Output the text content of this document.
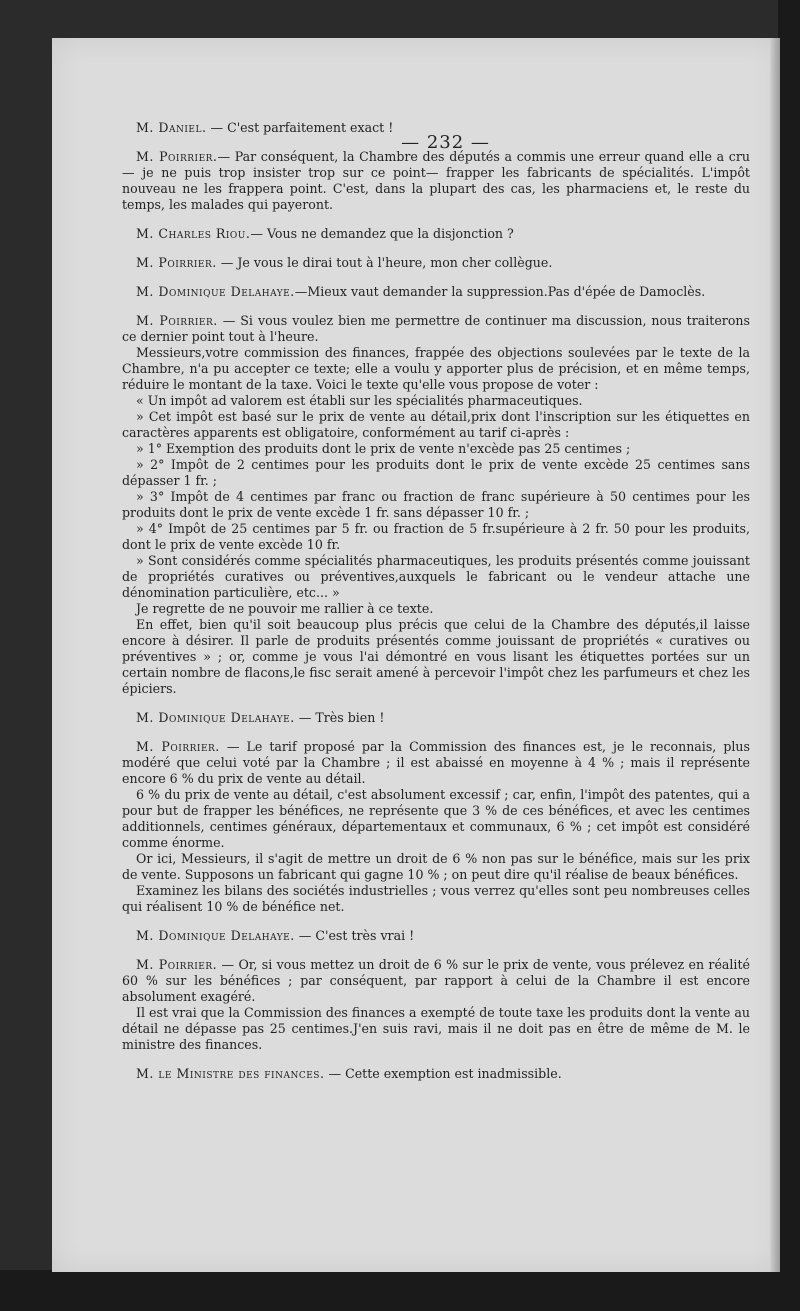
— 232 —

M. Daniel. — C'est parfaitement exact !

M. Poirrier.— Par conséquent, la Chambre des députés a commis une erreur quand elle a cru— je ne puis trop insister trop sur ce point— frapper les fabricants de spécialités. L'impôt nouveau ne les frappera point. C'est, dans la plupart des cas, les pharmaciens et, le reste du temps, les malades qui payeront.

M. Charles Riou.— Vous ne demandez que la disjonction ?

M. Poirrier. — Je vous le dirai tout à l'heure, mon cher collègue.

M. Dominique Delahaye.—Mieux vaut demander la suppression.Pas d'épée de Damoclès.

M. Poirrier. — Si vous voulez bien me permettre de continuer ma discussion, nous traiterons ce dernier point tout à l'heure.

Messieurs,votre commission des finances, frappée des objections soulevées par le texte de la Chambre, n'a pu accepter ce texte; elle a voulu y apporter plus de précision, et en même temps, réduire le montant de la taxe. Voici le texte qu'elle vous propose de voter :

« Un impôt ad valorem est établi sur les spécialités pharmaceutiques.

» Cet impôt est basé sur le prix de vente au détail,prix dont l'inscription sur les étiquettes en caractères apparents est obligatoire, conformément au tarif ci-après :

» 1° Exemption des produits dont le prix de vente n'excède pas 25 centimes ;

» 2° Impôt de 2 centimes pour les produits dont le prix de vente excède 25 centimes sans dépasser 1 fr. ;

» 3° Impôt de 4 centimes par franc ou fraction de franc supérieure à 50 centimes pour les produits dont le prix de vente excède 1 fr. sans dépasser 10 fr. ;

» 4° Impôt de 25 centimes par 5 fr. ou fraction de 5 fr.supérieure à 2 fr. 50 pour les produits, dont le prix de vente excède 10 fr.

» Sont considérés comme spécialités pharmaceutiques, les produits présentés comme jouissant de propriétés curatives ou préventives,auxquels le fabricant ou le vendeur attache une dénomination particulière, etc... »

Je regrette de ne pouvoir me rallier à ce texte.

En effet, bien qu'il soit beaucoup plus précis que celui de la Chambre des députés,il laisse encore à désirer. Il parle de produits présentés comme jouissant de propriétés « curatives ou préventives » ; or, comme je vous l'ai démontré en vous lisant les étiquettes portées sur un certain nombre de flacons,le fisc serait amené à percevoir l'impôt chez les parfumeurs et chez les épiciers.

M. Dominique Delahaye. — Très bien !

M. Poirrier. — Le tarif proposé par la Commission des finances est, je le reconnais, plus modéré que celui voté par la Chambre ; il est abaissé en moyenne à 4 % ; mais il représente encore 6 % du prix de vente au détail.

6 % du prix de vente au détail, c'est absolument excessif ; car, enfin, l'impôt des patentes, qui a pour but de frapper les bénéfices, ne représente que 3 % de ces bénéfices, et avec les centimes additionnels, centimes généraux, départementaux et communaux, 6 % ; cet impôt est considéré comme énorme.

Or ici, Messieurs, il s'agit de mettre un droit de 6 % non pas sur le bénéfice, mais sur les prix de vente. Supposons un fabricant qui gagne 10 % ; on peut dire qu'il réalise de beaux bénéfices.

Examinez les bilans des sociétés industrielles ; vous verrez qu'elles sont peu nombreuses celles qui réalisent 10 % de bénéfice net.

M. Dominique Delahaye. — C'est très vrai !

M. Poirrier. — Or, si vous mettez un droit de 6 % sur le prix de vente, vous prélevez en réalité 60 % sur les bénéfices ; par conséquent, par rapport à celui de la Chambre il est encore absolument exagéré.

Il est vrai que la Commission des finances a exempté de toute taxe les produits dont la vente au détail ne dépasse pas 25 centimes.J'en suis ravi, mais il ne doit pas en être de même de M. le ministre des finances.

M. le Ministre des finances. — Cette exemption est inadmissible.
